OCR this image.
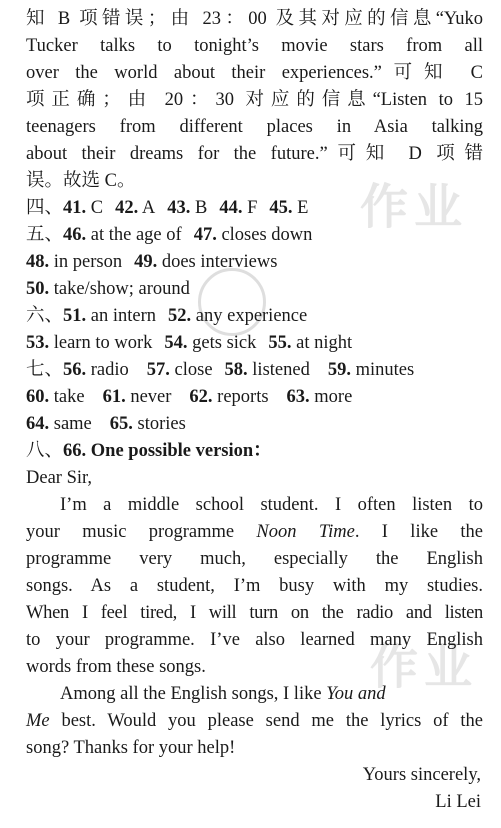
作业
作业
知 B 项错误；由 23：00 及其对应的信息“Yuko
Tucker talks to tonight’s movie stars from all
over the world about their experiences.”可知 C
项正确；由 20：30 对应的信息“Listen to 15
teenagers from different places in Asia talking
about their dreams for the future.”可知 D 项错
误。故选 C。
四、41. C 42. A 43. B 44. F 45. E
五、46. at the age of 47. closes down
48. in person 49. does interviews
50. take/show; around
六、51. an intern 52. any experience
53. learn to work 54. gets sick 55. at night
七、56. radio 57. close 58. listened 59. minutes
60. take 61. never 62. reports 63. more
64. same 65. stories
八、66. One possible version：
Dear Sir,
I’m a middle school student. I often listen to
your music programme Noon Time. I like the
programme very much, especially the English
songs. As a student, I’m busy with my studies.
When I feel tired, I will turn on the radio and listen
to your programme. I’ve also learned many English
words from these songs.
Among all the English songs, I like You and
Me best. Would you please send me the lyrics of the
song? Thanks for your help!
Yours sincerely,
Li Lei
